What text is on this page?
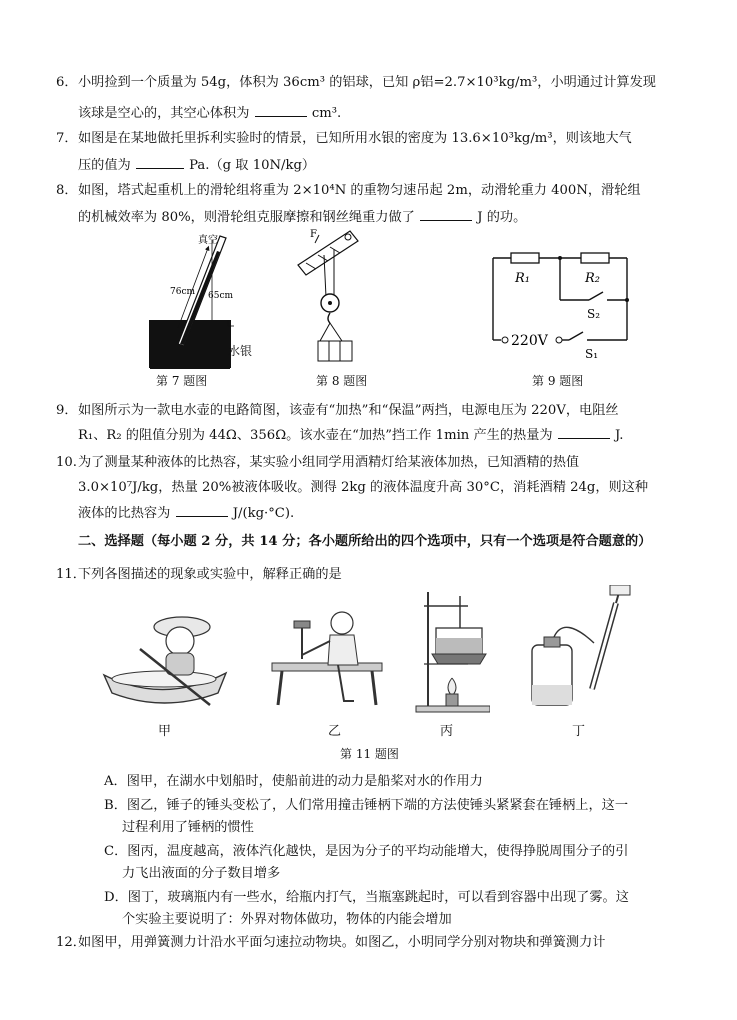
6． 小明捡到一个质量为 54g，体积为 36cm³ 的铝球，已知 ρ铝=2.7×10³kg/m³，小明通过计算发现
该球是空心的，其空心体积为	cm³.
7． 如图是在某地做托里拆利实验时的情景，已知所用水银的密度为 13.6×10³kg/m³，则该地大气
压的值为	Pa.（g 取 10N/kg）
8． 如图，塔式起重机上的滑轮组将重为 2×10⁴N 的重物匀速吊起 2m，动滑轮重力 400N，滑轮组
的机械效率为 80%，则滑轮组克服摩擦和钢丝绳重力做了	J 的功。
真空
76cm 65cm
水银
第 7 题图
F
第 8 题图
R₁	R₂
S₂
220V
S₁
第 9 题图
9． 如图所示为一款电水壶的电路简图，该壶有“加热”和“保温”两挡，电源电压为 220V，电阻丝
R₁、R₂ 的阻值分别为 44Ω、356Ω。该水壶在“加热”挡工作 1min 产生的热量为	J.
10. 为了测量某种液体的比热容，某实验小组同学用酒精灯给某液体加热，已知酒精的热值
3.0×10⁷J/kg，热量 20%被液体吸收。测得 2kg 的液体温度升高 30°C，消耗酒精 24g，则这种
液体的比热容为	J/(kg·°C).
二、选择题（每小题 2 分，共 14 分；各小题所给出的四个选项中，只有一个选项是符合题意的）
11．
下列各图描述的现象或实验中，解释正确的是
甲	乙	丙	丁
第 11 题图
A．图甲，在湖水中划船时，使船前进的动力是船桨对水的作用力
B．图乙，锤子的锤头变松了，人们常用撞击锤柄下端的方法使锤头紧紧套在锤柄上，这一
过程利用了锤柄的惯性
C．图丙，温度越高，液体汽化越快，是因为分子的平均动能增大，使得挣脱周围分子的引
力飞出液面的分子数目增多
D．图丁，玻璃瓶内有一些水，给瓶内打气，当瓶塞跳起时，可以看到容器中出现了雾。这
个实验主要说明了：外界对物体做功，物体的内能会增加
12．
如图甲，用弹簧测力计沿水平面匀速拉动物块。如图乙，小明同学分别对物块和弹簧测力计
